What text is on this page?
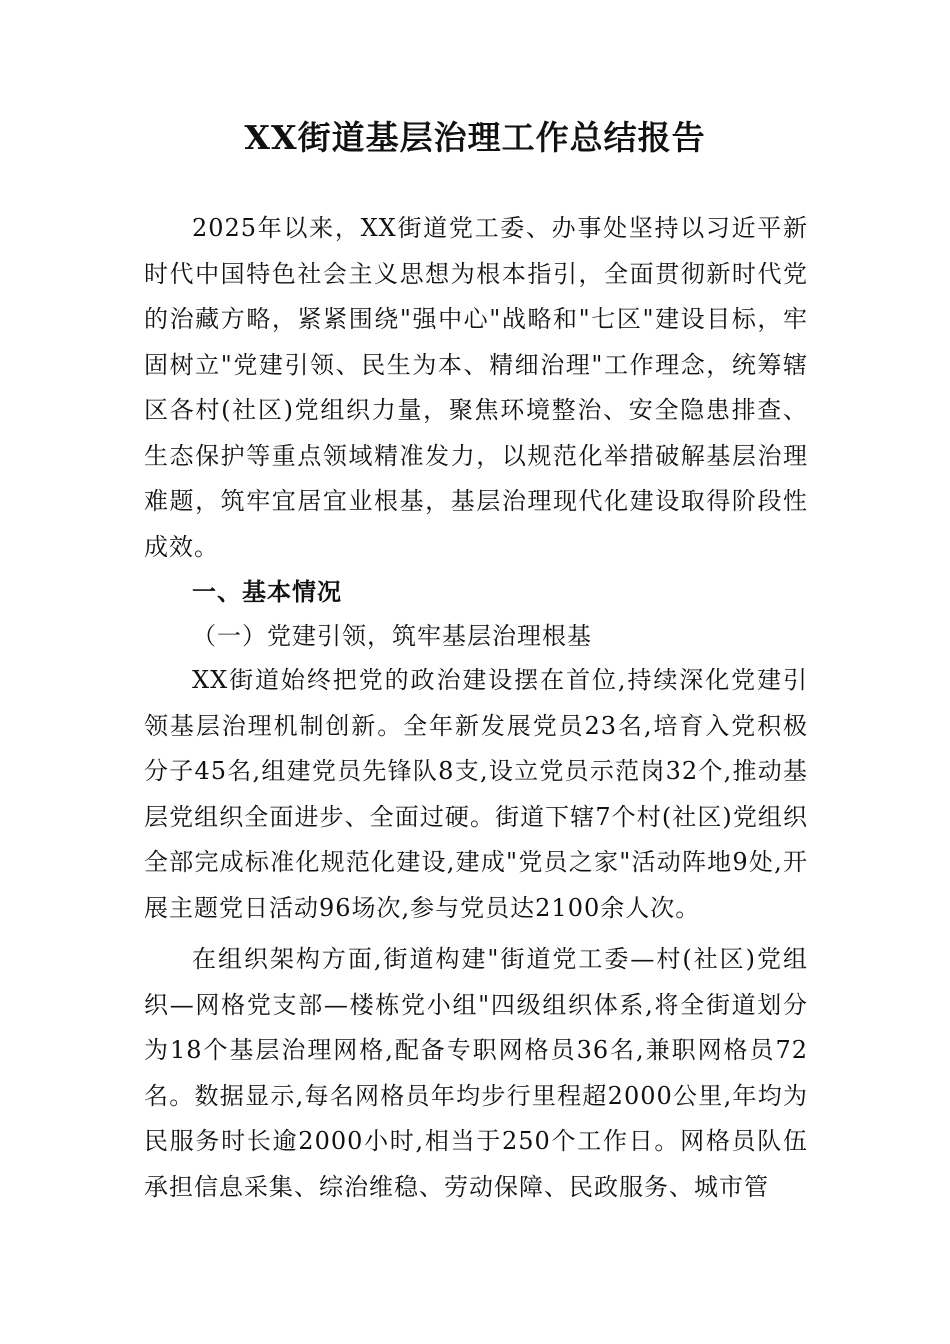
XX街道基层治理工作总结报告

2025年以来，XX街道党工委、办事处坚持以习近平新时代中国特色社会主义思想为根本指引，全面贯彻新时代党的治藏方略，紧紧围绕"强中心"战略和"七区"建设目标，牢固树立"党建引领、民生为本、精细治理"工作理念，统筹辖区各村(社区)党组织力量，聚焦环境整治、安全隐患排查、生态保护等重点领域精准发力，以规范化举措破解基层治理难题，筑牢宜居宜业根基，基层治理现代化建设取得阶段性成效。

一、基本情况

（一）党建引领，筑牢基层治理根基

XX街道始终把党的政治建设摆在首位,持续深化党建引领基层治理机制创新。全年新发展党员23名,培育入党积极分子45名,组建党员先锋队8支,设立党员示范岗32个,推动基层党组织全面进步、全面过硬。街道下辖7个村(社区)党组织全部完成标准化规范化建设,建成"党员之家"活动阵地9处,开展主题党日活动96场次,参与党员达2100余人次。

在组织架构方面,街道构建"街道党工委—村(社区)党组织—网格党支部—楼栋党小组"四级组织体系,将全街道划分为18个基层治理网格,配备专职网格员36名,兼职网格员72名。数据显示,每名网格员年均步行里程超2000公里,年均为民服务时长逾2000小时,相当于250个工作日。网格员队伍承担信息采集、综治维稳、劳动保障、民政服务、城市管
